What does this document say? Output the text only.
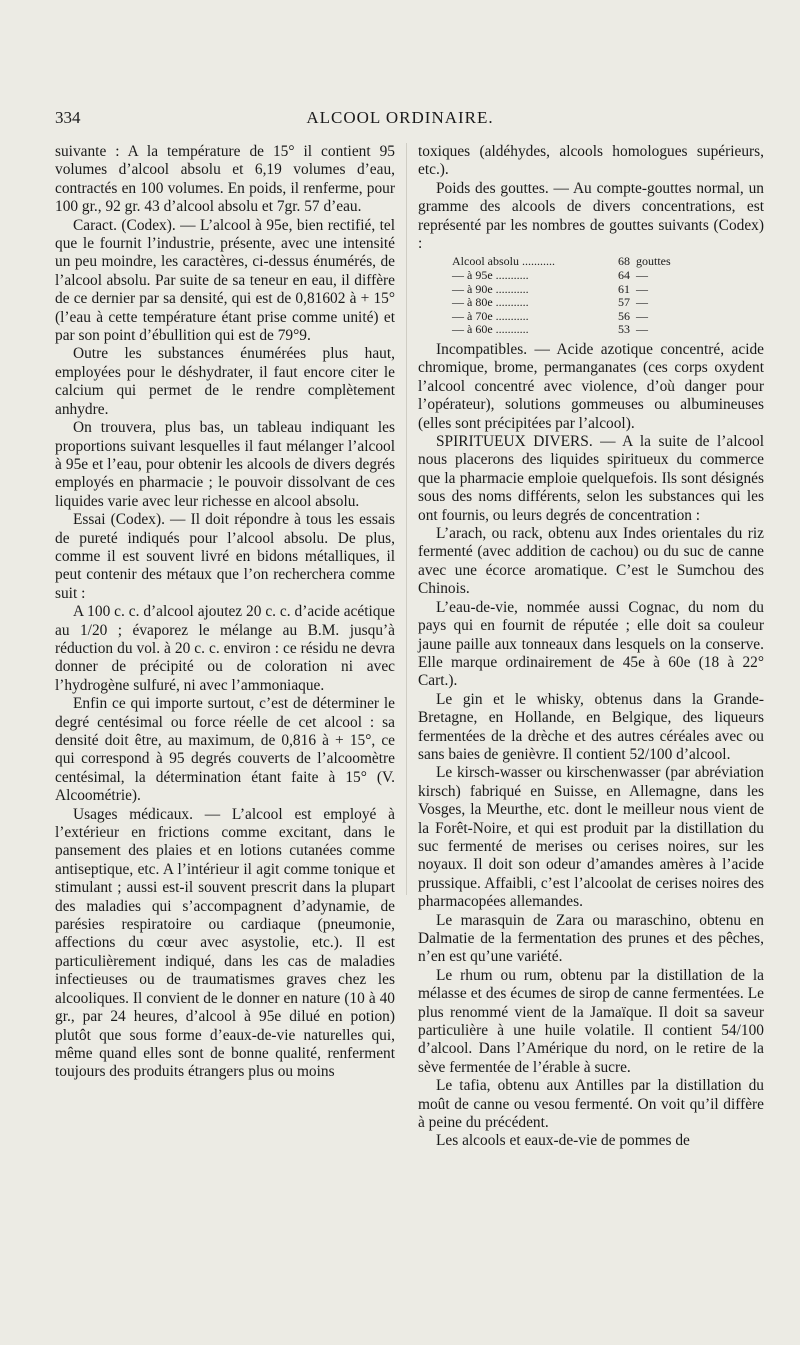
334	ALCOOL ORDINAIRE.

suivante : A la température de 15° il contient 95 volumes d’alcool absolu et 6,19 volumes d’eau, contractés en 100 volumes. En poids, il renferme, pour 100 gr., 92 gr. 43 d’alcool absolu et 7gr. 57 d’eau.

Caract. (Codex). — L’alcool à 95e, bien rectifié, tel que le fournit l’industrie, présente, avec une intensité un peu moindre, les caractères, ci-dessus énumérés, de l’alcool absolu. Par suite de sa teneur en eau, il diffère de ce dernier par sa densité, qui est de 0,81602 à + 15° (l’eau à cette température étant prise comme unité) et par son point d’ébullition qui est de 79°9.

Outre les substances énumérées plus haut, employées pour le déshydrater, il faut encore citer le calcium qui permet de le rendre complètement anhydre.

On trouvera, plus bas, un tableau indiquant les proportions suivant lesquelles il faut mélanger l’alcool à 95e et l’eau, pour obtenir les alcools de divers degrés employés en pharmacie ; le pouvoir dissolvant de ces liquides varie avec leur richesse en alcool absolu.

Essai (Codex). — Il doit répondre à tous les essais de pureté indiqués pour l’alcool absolu. De plus, comme il est souvent livré en bidons métalliques, il peut contenir des métaux que l’on recherchera comme suit :

A 100 c. c. d’alcool ajoutez 20 c. c. d’acide acétique au 1/20 ; évaporez le mélange au B.M. jusqu’à réduction du vol. à 20 c. c. environ : ce résidu ne devra donner de précipité ou de coloration ni avec l’hydrogène sulfuré, ni avec l’ammoniaque.

Enfin ce qui importe surtout, c’est de déterminer le degré centésimal ou force réelle de cet alcool : sa densité doit être, au maximum, de 0,816 à + 15°, ce qui correspond à 95 degrés couverts de l’alcoomètre centésimal, la détermination étant faite à 15° (V. Alcoométrie).

Usages médicaux. — L’alcool est employé à l’extérieur en frictions comme excitant, dans le pansement des plaies et en lotions cutanées comme antiseptique, etc. A l’intérieur il agit comme tonique et stimulant ; aussi est-il souvent prescrit dans la plupart des maladies qui s’accompagnent d’adynamie, de parésies respiratoire ou cardiaque (pneumonie, affections du cœur avec asystolie, etc.). Il est particulièrement indiqué, dans les cas de maladies infectieuses ou de traumatismes graves chez les alcooliques. Il convient de le donner en nature (10 à 40 gr., par 24 heures, d’alcool à 95e dilué en potion) plutôt que sous forme d’eaux-de-vie naturelles qui, même quand elles sont de bonne qualité, renferment toujours des produits étrangers plus ou moins

toxiques (aldéhydes, alcools homologues supérieurs, etc.).

Poids des gouttes. — Au compte-gouttes normal, un gramme des alcools de divers concentrations, est représenté par les nombres de gouttes suivants (Codex) :

Alcool absolu ...........	68 gouttes
— à 95e ...........	64 —
— à 90e ...........	61 —
— à 80e ...........	57 —
— à 70e ...........	56 —
— à 60e ...........	53 —

Incompatibles. — Acide azotique concentré, acide chromique, brome, permanganates (ces corps oxydent l’alcool concentré avec violence, d’où danger pour l’opérateur), solutions gommeuses ou albumineuses (elles sont précipitées par l’alcool).

SPIRITUEUX DIVERS. — A la suite de l’alcool nous placerons des liquides spiritueux du commerce que la pharmacie emploie quelquefois. Ils sont désignés sous des noms différents, selon les substances qui les ont fournis, ou leurs degrés de concentration :

L’arach, ou rack, obtenu aux Indes orientales du riz fermenté (avec addition de cachou) ou du suc de canne avec une écorce aromatique. C’est le Sumchou des Chinois.

L’eau-de-vie, nommée aussi Cognac, du nom du pays qui en fournit de réputée ; elle doit sa couleur jaune paille aux tonneaux dans lesquels on la conserve. Elle marque ordinairement de 45e à 60e (18 à 22° Cart.).

Le gin et le whisky, obtenus dans la Grande-Bretagne, en Hollande, en Belgique, des liqueurs fermentées de la drèche et des autres céréales avec ou sans baies de genièvre. Il contient 52/100 d’alcool.

Le kirsch-wasser ou kirschenwasser (par abréviation kirsch) fabriqué en Suisse, en Allemagne, dans les Vosges, la Meurthe, etc. dont le meilleur nous vient de la Forêt-Noire, et qui est produit par la distillation du suc fermenté de merises ou cerises noires, sur les noyaux. Il doit son odeur d’amandes amères à l’acide prussique. Affaibli, c’est l’alcoolat de cerises noires des pharmacopées allemandes.

Le marasquin de Zara ou maraschino, obtenu en Dalmatie de la fermentation des prunes et des pêches, n’en est qu’une variété.

Le rhum ou rum, obtenu par la distillation de la mélasse et des écumes de sirop de canne fermentées. Le plus renommé vient de la Jamaïque. Il doit sa saveur particulière à une huile volatile. Il contient 54/100 d’alcool. Dans l’Amérique du nord, on le retire de la sève fermentée de l’érable à sucre.

Le tafia, obtenu aux Antilles par la distillation du moût de canne ou vesou fermenté. On voit qu’il diffère à peine du précédent.

Les alcools et eaux-de-vie de pommes de
